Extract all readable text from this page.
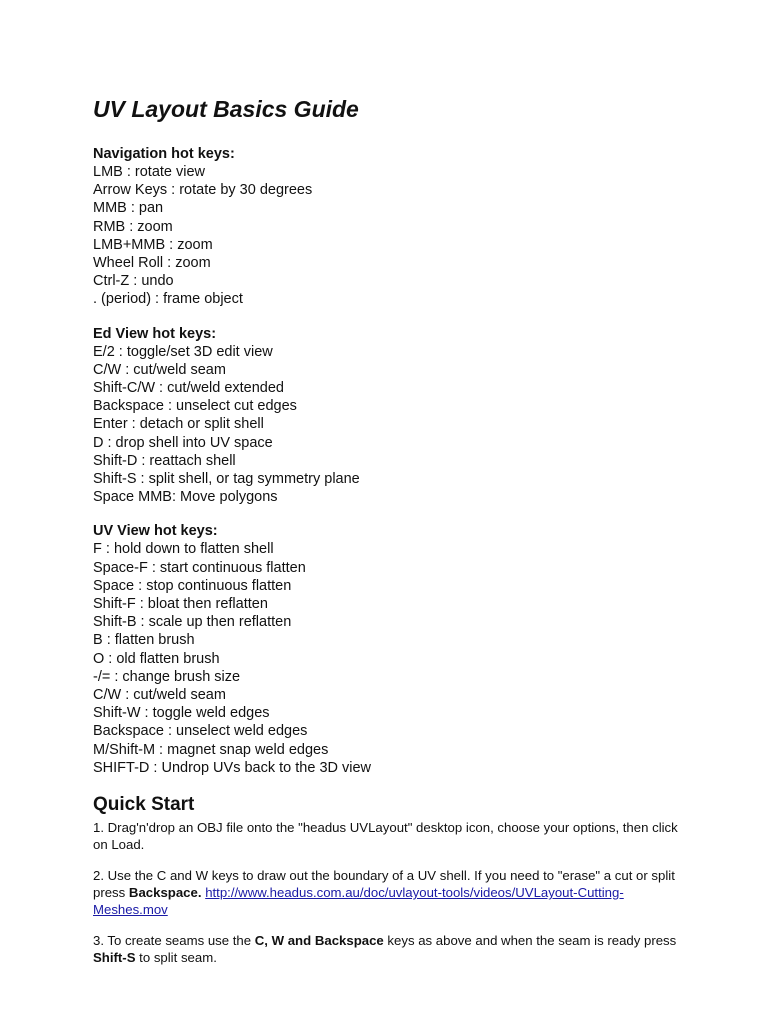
UV Layout Basics Guide
Navigation hot keys:
LMB : rotate view
Arrow Keys : rotate by 30 degrees
MMB : pan
RMB : zoom
LMB+MMB : zoom
Wheel Roll : zoom
Ctrl-Z : undo
. (period) : frame object
Ed View hot keys:
E/2 : toggle/set 3D edit view
C/W : cut/weld seam
Shift-C/W : cut/weld extended
Backspace : unselect cut edges
Enter : detach or split shell
D : drop shell into UV space
Shift-D : reattach shell
Shift-S : split shell, or tag symmetry plane
Space MMB: Move polygons
UV View hot keys:
F : hold down to flatten shell
Space-F : start continuous flatten
Space : stop continuous flatten
Shift-F : bloat then reflatten
Shift-B : scale up then reflatten
B : flatten brush
O : old flatten brush
-/= : change brush size
C/W : cut/weld seam
Shift-W : toggle weld edges
Backspace : unselect weld edges
M/Shift-M : magnet snap weld edges
SHIFT-D : Undrop UVs back to the 3D view
Quick Start

1. Drag'n'drop an OBJ file onto the "headus UVLayout" desktop icon, choose your options, then click on Load.

2. Use the C and W keys to draw out the boundary of a UV shell. If you need to "erase" a cut or split press Backspace. http://www.headus.com.au/doc/uvlayout-tools/videos/UVLayout-Cutting-Meshes.mov

3. To create seams use the C, W and Backspace keys as above and when the seam is ready press Shift-S to split seam.
